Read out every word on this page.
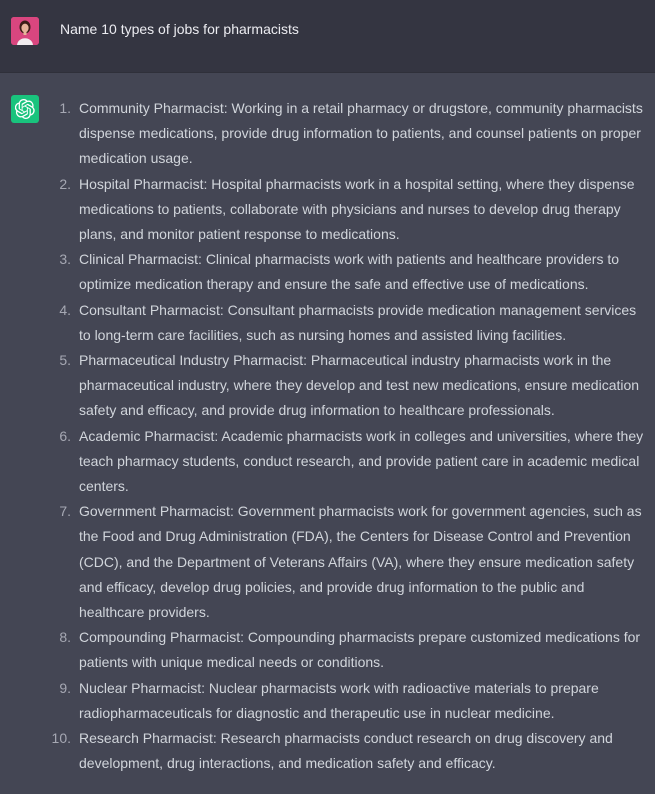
Name 10 types of jobs for pharmacists
1. Community Pharmacist: Working in a retail pharmacy or drugstore, community pharmacists dispense medications, provide drug information to patients, and counsel patients on proper medication usage.
2. Hospital Pharmacist: Hospital pharmacists work in a hospital setting, where they dispense medications to patients, collaborate with physicians and nurses to develop drug therapy plans, and monitor patient response to medications.
3. Clinical Pharmacist: Clinical pharmacists work with patients and healthcare providers to optimize medication therapy and ensure the safe and effective use of medications.
4. Consultant Pharmacist: Consultant pharmacists provide medication management services to long-term care facilities, such as nursing homes and assisted living facilities.
5. Pharmaceutical Industry Pharmacist: Pharmaceutical industry pharmacists work in the pharmaceutical industry, where they develop and test new medications, ensure medication safety and efficacy, and provide drug information to healthcare professionals.
6. Academic Pharmacist: Academic pharmacists work in colleges and universities, where they teach pharmacy students, conduct research, and provide patient care in academic medical centers.
7. Government Pharmacist: Government pharmacists work for government agencies, such as the Food and Drug Administration (FDA), the Centers for Disease Control and Prevention (CDC), and the Department of Veterans Affairs (VA), where they ensure medication safety and efficacy, develop drug policies, and provide drug information to the public and healthcare providers.
8. Compounding Pharmacist: Compounding pharmacists prepare customized medications for patients with unique medical needs or conditions.
9. Nuclear Pharmacist: Nuclear pharmacists work with radioactive materials to prepare radiopharmaceuticals for diagnostic and therapeutic use in nuclear medicine.
10. Research Pharmacist: Research pharmacists conduct research on drug discovery and development, drug interactions, and medication safety and efficacy.
